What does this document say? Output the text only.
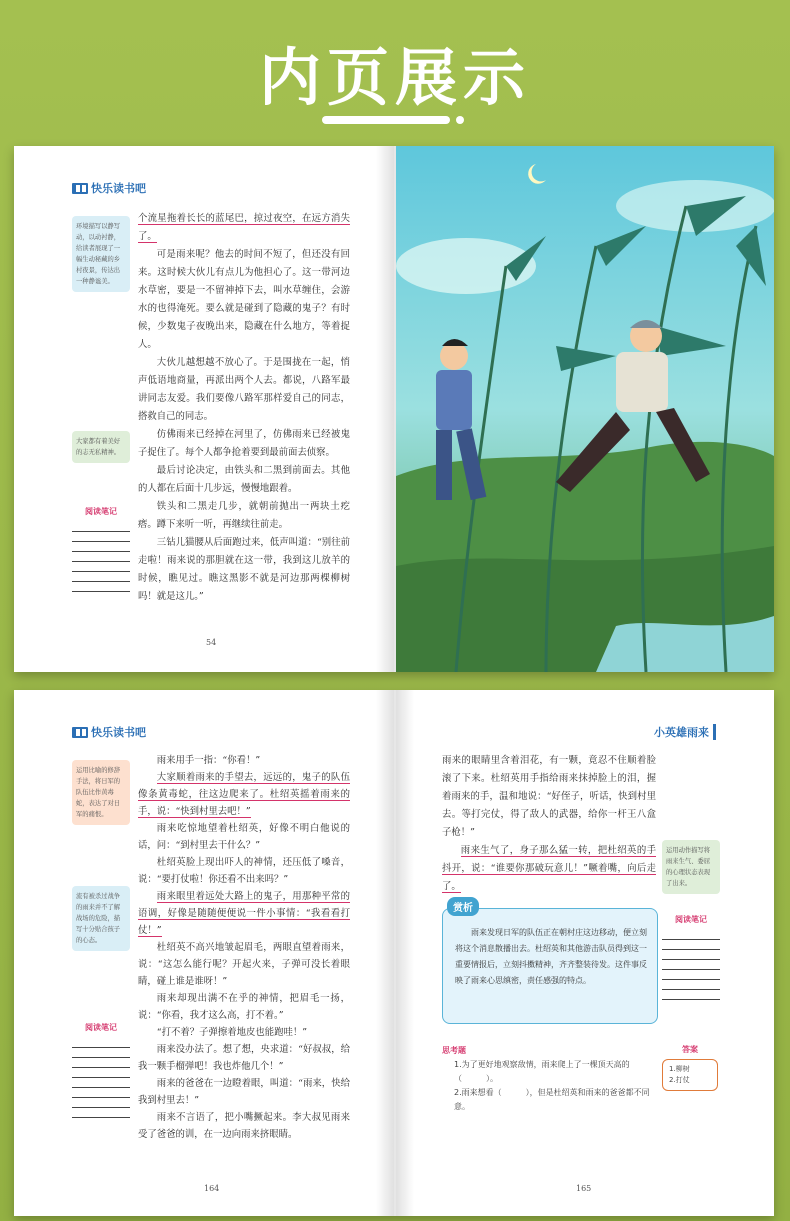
内页展示
快乐读书吧
环境描写以静写动，以动衬静，给读者展现了一幅生动秘藏的乡村夜景，传达出一种静谧美。
大家都有着美好的志无私精神。
阅读笔记

个流星拖着长长的蓝尾巴，掠过夜空，在远方消失了。

可是雨来呢？他去的时间不短了，但还没有回来。这时候大伙儿有点儿为他担心了。这一带河边水草密，要是一不留神掉下去，叫水草缠住，会游水的也得淹死。要么就是碰到了隐藏的鬼子？有时候，少数鬼子夜晚出来，隐藏在什么地方，等着捉人。

大伙儿越想越不放心了。于是围拢在一起，悄声低语地商量，再派出两个人去。都说，八路军最讲同志友爱。我们要像八路军那样爱自己的同志，搭救自己的同志。

仿佛雨来已经掉在河里了，仿佛雨来已经被鬼子捉住了。每个人都争抢着要到最前面去侦察。

最后讨论决定，由铁头和二黑到前面去。其他的人都在后面十几步远，慢慢地跟着。

铁头和二黑走几步，就朝前抛出一两块土疙瘩。蹲下来听一听，再继续往前走。

三钻儿猫腰从后面跑过来，低声叫道：“别往前走啦！雨来说的那胆就在这一带，我到这儿放羊的时候，瞧见过。瞧这黑影不就是河边那两棵柳树吗！就是这儿。”

54
快乐读书吧
运用比喻的修辞手法，将日军的队伍比作黄毒蛇，表达了对日军的痛恨。
流有被杀过战争的雨来并不了解战场的危险，描写十分贴合孩子的心态。
阅读笔记

雨来用手一指：“你看！”

大家顺着雨来的手望去，远远的，鬼子的队伍像条黄毒蛇，往这边爬来了。杜绍英摇着雨来的手，说：“快到村里去吧！”

雨来吃惊地望着杜绍英，好像不明白他说的话，问：“到村里去干什么？”

杜绍英脸上现出吓人的神情，还压低了嗓音，说：“要打仗啦！你还看不出来吗？”

雨来眼里着远处大路上的鬼子，用那种平常的语调，好像是随随便便说一件小事情：“我看看打仗！”

杜绍英不高兴地皱起眉毛，两眼直望着雨来，说：“这怎么能行呢？开起火来，子弹可没长着眼睛，碰上谁是谁呀！”

雨来却现出满不在乎的神情，把眉毛一扬，说：“你看，我才这么高，打不着。”

“打不着？子弹擦着地皮也能跑哇！”

雨来没办法了。想了想，央求道：“好叔叔，给我一颗手榴弹吧！我也炸他几个！”

雨来的爸爸在一边瞪着眼，叫道：“雨来，快给我到村里去！”

雨来不言语了，把小嘴撅起来。李大叔见雨来受了爸爸的训，在一边向雨来挤眼睛。

164
小英雄雨来

雨来的眼睛里含着泪花，有一颗，竟忍不住顺着脸滚了下来。杜绍英用手指给雨来抹掉脸上的泪，握着雨来的手，温和地说：“好侄子，听话，快到村里去。等打完仗，得了敌人的武器，给你一杆王八盒子枪！”

雨来生气了，身子那么猛一转，把杜绍英的手抖开，说：“谁要你那破玩意儿！”噘着嘴，向后走了。

运用动作描写将雨来生气、委屈的心理状态表现了出来。
阅读笔记
赏析

雨来发现日军的队伍正在朝村庄这边移动，便立刻将这个消息散播出去。杜绍英和其他游击队员得到这一重要情报后，立刻抖擞精神，齐齐整装待发。这件事反映了雨来心思缜密，责任感强的特点。

思考题

1.为了更好地观察敌情，雨来爬上了一棵顶天高的（　　　）。

2.雨来想看（　　　），但是杜绍英和雨来的爸爸都不同意。

答案
1.柳树
2.打仗
165
